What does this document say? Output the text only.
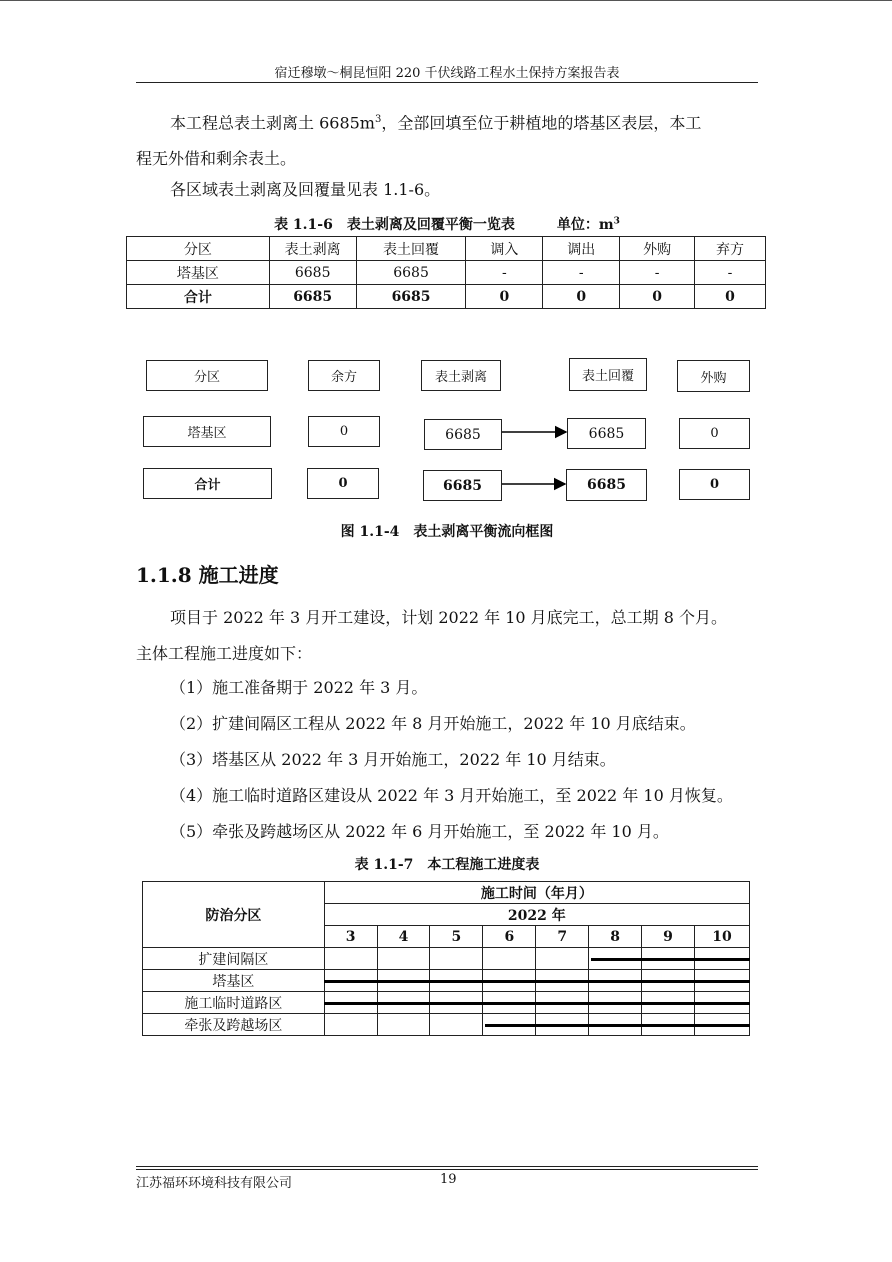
宿迁穆墩～桐昆恒阳 220 千伏线路工程水土保持方案报告表
本工程总表土剥离土 $6685m^3$，全部回填至位于耕植地的塔基区表层，本工
程无外借和剩余表土。
各区域表土剥离及回覆量见表 1.1-6。
表 1.1-6　表土剥离及回覆平衡一览表　　　单位：$m^3$
分区	表土剥离	表土回覆	调入	调出	外购	弃方
塔基区	6685	6685	-	-	-	-
合计	6685	6685	0	0	0	0
分区	余方	表土剥离	表土回覆	外购
塔基区	0	6685	6685	0
合计	0	6685	6685	0
图 1.1-4　表土剥离平衡流向框图
1.1.8 施工进度
项目于 2022 年 3 月开工建设，计划 2022 年 10 月底完工，总工期 8 个月。
主体工程施工进度如下：
（1）施工准备期于 2022 年 3 月。
（2）扩建间隔区工程从 2022 年 8 月开始施工，2022 年 10 月底结束。
（3）塔基区从 2022 年 3 月开始施工，2022 年 10 月结束。
（4）施工临时道路区建设从 2022 年 3 月开始施工，至 2022 年 10 月恢复。
（5）牵张及跨越场区从 2022 年 6 月开始施工，至 2022 年 10 月。
表 1.1-7　本工程施工进度表
防治分区	施工时间（年月）							
	2022 年							
	3	4	5	6	7	8	9	10
扩建间隔区								
塔基区								
施工临时道路区								
牵张及跨越场区								
江苏福环环境科技有限公司	19
